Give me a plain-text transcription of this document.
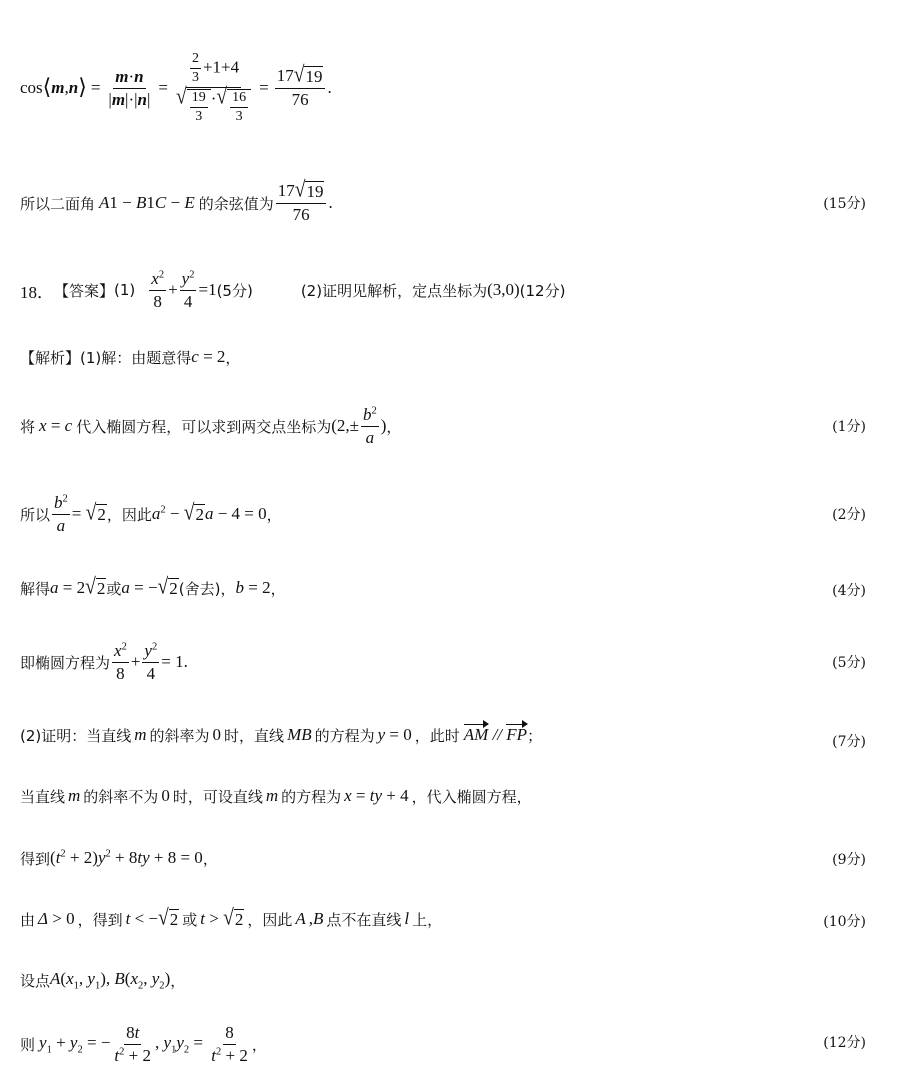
cos ⟨ m , n ⟩ = $\frac{m\cdot n}{|m|\cdot|n|} = \frac{\frac{2}{3} +1+4}{√ \frac{19}{3} \cdot √ \frac{16}{3}} = \frac{17 √ 19}{76}$ .
所以二面角 A 1 − B 1 C − E 的余弦值为 $\frac{17 √ 19}{76}$ .	(15分)
18． 【答案】 $(1) \frac{x^2}{8} + \frac{y^2}{4} =1$ (5分)	(2)证明见解析，定点坐标为 (3,0) (12分)
【解析】 (1)解：由题意得 c = 2 ，
将 x = c 代入椭圆方程，可以求到两交点坐标为 ($2,\pm \frac{b^2}{a}$ ) ，	(1分)
所以 $\frac{b^2}{a}$ = √ 2 ，因此 $a^2$ − √ 2 a − 4 = 0 ，	(2分)
解得 a = 2 √ 2 或 a = − √ 2 (舍去)， b = 2 ，	(4分)
即椭圆方程为 $\frac{x^2}{8} + \frac{y^2}{4} = 1$ .	(5分)
(2)证明：当直线 m 的斜率为 0 时，直线 MB 的方程为 y = 0 ，此时 AM // FP ；	(7分)
当直线 m 的斜率不为 0 时，可设直线 m 的方程为 x = ty + 4 ，代入椭圆方程，
得到 $(t^2 + 2)y^2 + 8ty + 8 = 0$ ，	(9分)
由 Δ > 0 ，得到 t < − √ 2 或 t > √ 2 ，因此 A , B 点不在直线 l 上，	(10分)
设点 $A(x_1$, $y_1$), $B(x_2$, $y_2$) ，
则 $y_1 + y_2$ = − $\frac{8t}{t^2 + 2}$ , $y_1y_2 = \frac{8}{t^2 + 2}$ ，	(12分)
